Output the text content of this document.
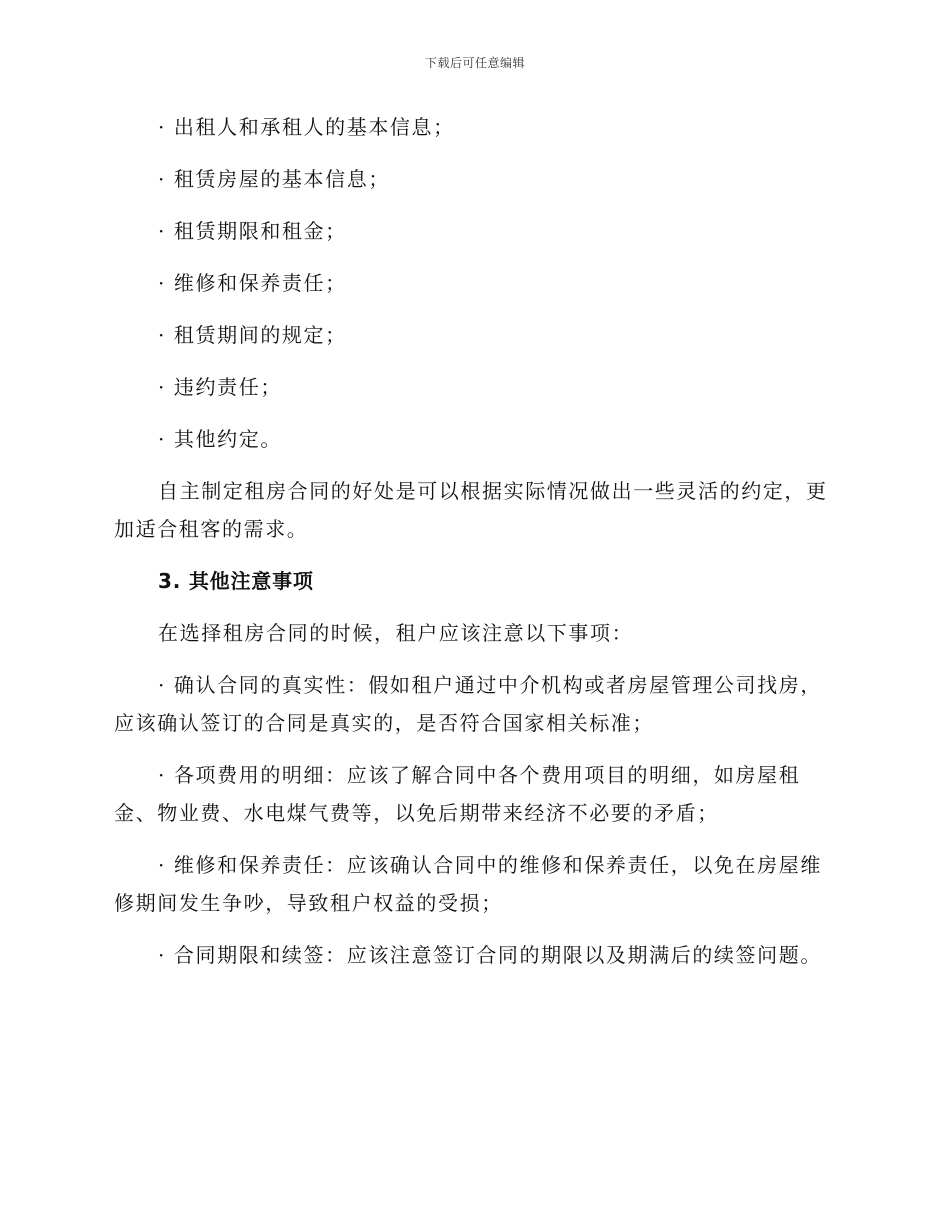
下载后可任意编辑
· 出租人和承租人的基本信息；
· 租赁房屋的基本信息；
· 租赁期限和租金；
· 维修和保养责任；
· 租赁期间的规定；
· 违约责任；
· 其他约定。
自主制定租房合同的好处是可以根据实际情况做出一些灵活的约定，更
加适合租客的需求。
3. 其他注意事项
在选择租房合同的时候，租户应该注意以下事项：
· 确认合同的真实性：假如租户通过中介机构或者房屋管理公司找房，
应该确认签订的合同是真实的，是否符合国家相关标准；
· 各项费用的明细：应该了解合同中各个费用项目的明细，如房屋租
金、物业费、水电煤气费等，以免后期带来经济不必要的矛盾；
· 维修和保养责任：应该确认合同中的维修和保养责任，以免在房屋维
修期间发生争吵，导致租户权益的受损；
· 合同期限和续签：应该注意签订合同的期限以及期满后的续签问题。
